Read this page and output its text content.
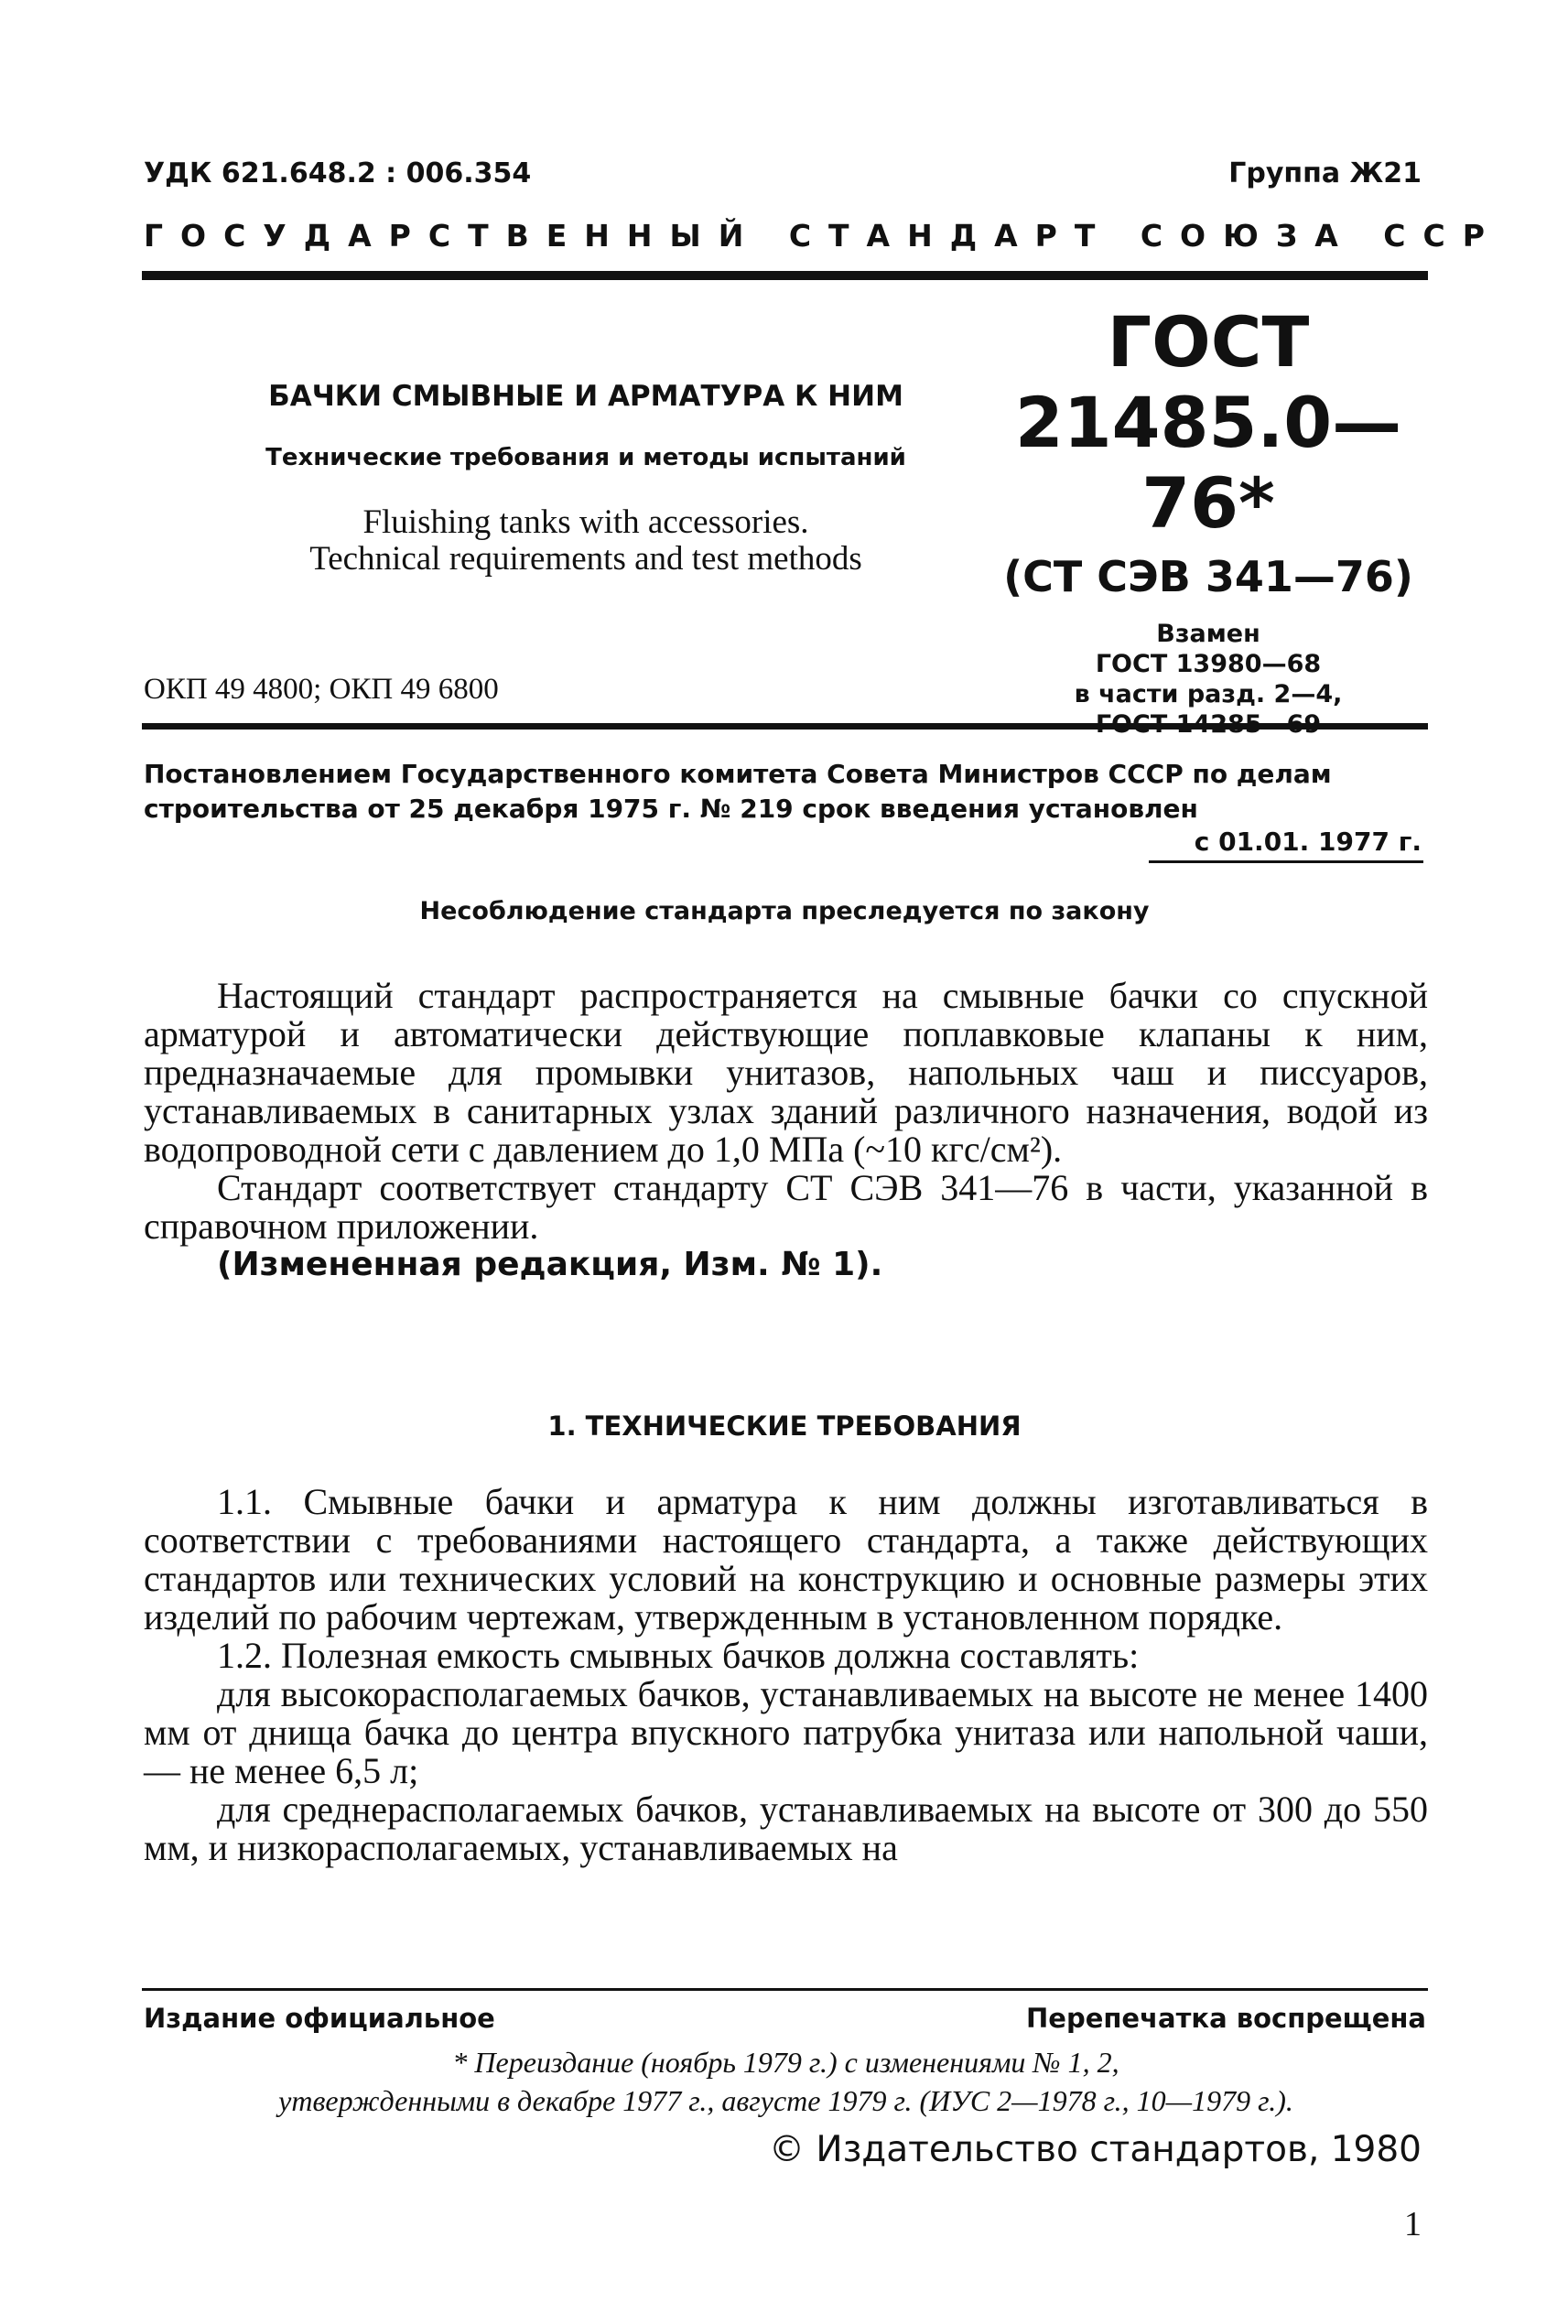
УДК 621.648.2 : 006.354	Группа Ж21
ГОСУДАРСТВЕННЫЙ СТАНДАРТ СОЮЗА ССР
БАЧКИ СМЫВНЫЕ И АРМАТУРА К НИМ
Технические требования и методы испытаний
Fluishing tanks with accessories.
Technical requirements and test methods
ГОСТ
21485.0—76*
(СТ СЭВ 341—76)
Взамен
ГОСТ 13980—68
в части разд. 2—4,
ОКП 49 4800; ОКП 49 6800
Постановлением Государственного комитета Совета Министров СССР по делам строительства от 25 декабря 1975 г. № 219 срок введения установлен
с 01.01. 1977 г.
Несоблюдение стандарта преследуется по закону

Настоящий стандарт распространяется на смывные бачки со спускной арматурой и автоматически действующие поплавковые клапаны к ним, предназначаемые для промывки унитазов, напольных чаш и писсуаров, устанавливаемых в санитарных узлах зданий различного назначения, водой из водопроводной сети с давлением до 1,0 МПа (~10 кгс/см²).

Стандарт соответствует стандарту СТ СЭВ 341—76 в части, указанной в справочном приложении.

(Измененная редакция, Изм. № 1).

1. ТЕХНИЧЕСКИЕ ТРЕБОВАНИЯ

1.1. Смывные бачки и арматура к ним должны изготавливаться в соответствии с требованиями настоящего стандарта, а также действующих стандартов или технических условий на конструкцию и основные размеры этих изделий по рабочим чертежам, утвержденным в установленном порядке.

1.2. Полезная емкость смывных бачков должна составлять:

для высокорасполагаемых бачков, устанавливаемых на высоте не менее 1400 мм от днища бачка до центра впускного патрубка унитаза или напольной чаши, — не менее 6,5 л;

для среднерасполагаемых бачков, устанавливаемых на высоте от 300 до 550 мм, и низкорасполагаемых, устанавливаемых на

Издание официальное	Перепечатка воспрещена
* Переиздание (ноябрь 1979 г.) с изменениями № 1, 2,
утвержденными в декабре 1977 г., августе 1979 г. (ИУС 2—1978 г., 10—1979 г.).
© Издательство стандартов, 1980
1
